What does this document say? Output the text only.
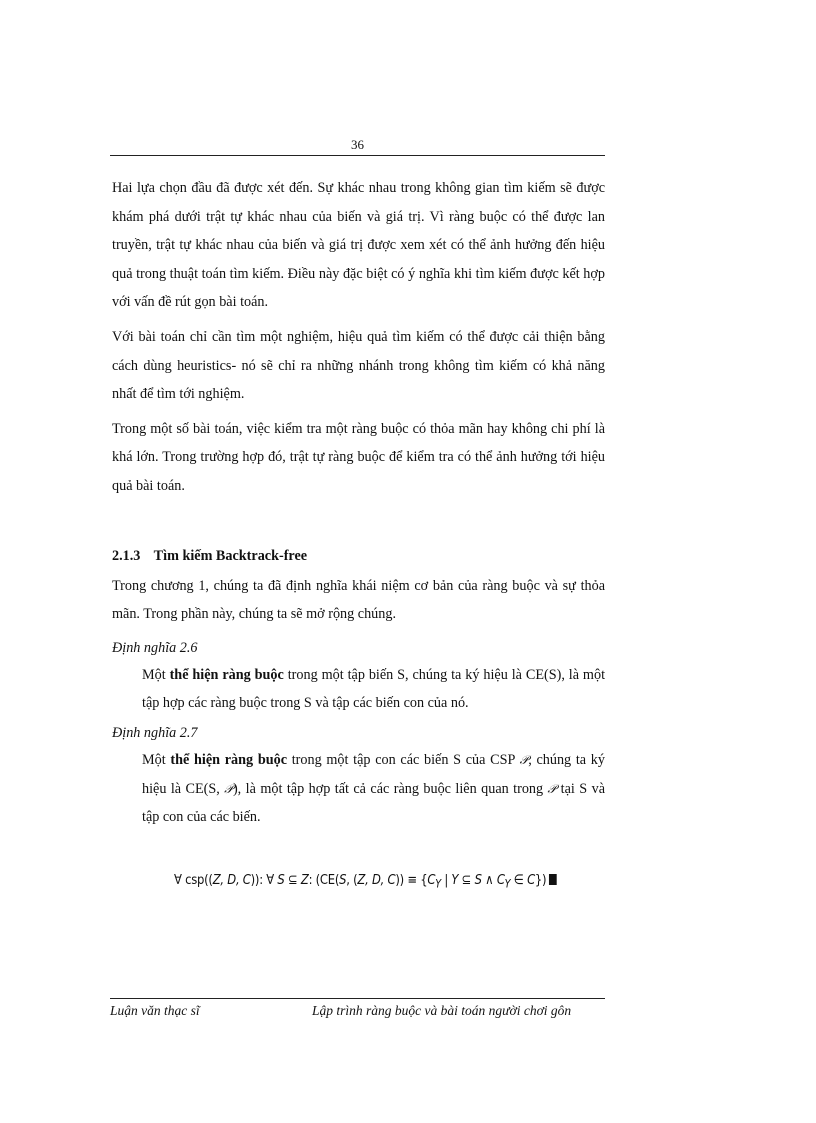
36

Hai lựa chọn đầu đã được xét đến. Sự khác nhau trong không gian tìm kiếm sẽ được khám phá dưới trật tự khác nhau của biến và giá trị. Vì ràng buộc có thể được lan truyền, trật tự khác nhau của biến và giá trị được xem xét có thể ảnh hưởng đến hiệu quả trong thuật toán tìm kiếm. Điều này đặc biệt có ý nghĩa khi tìm kiếm được kết hợp với vấn đề rút gọn bài toán.

Với bài toán chỉ cần tìm một nghiệm, hiệu quả tìm kiếm có thể được cải thiện bằng cách dùng heuristics- nó sẽ chỉ ra những nhánh trong không tìm kiếm có khả năng nhất để tìm tới nghiệm.

Trong một số bài toán, việc kiểm tra một ràng buộc có thỏa mãn hay không chi phí là khá lớn. Trong trường hợp đó, trật tự ràng buộc để kiểm tra có thể ảnh hưởng tới hiệu quả bài toán.

2.1.3 Tìm kiếm Backtrack-free

Trong chương 1, chúng ta đã định nghĩa khái niệm cơ bản của ràng buộc và sự thỏa mãn. Trong phần này, chúng ta sẽ mở rộng chúng.

Định nghĩa 2.6

Một thể hiện ràng buộc trong một tập biến S, chúng ta ký hiệu là CE(S), là một tập hợp các ràng buộc trong S và tập các biến con của nó.

Định nghĩa 2.7

Một thể hiện ràng buộc trong một tập con các biến S của CSP 𝒫, chúng ta ký hiệu là CE(S, 𝒫), là một tập hợp tất cả các ràng buộc liên quan trong 𝒫 tại S và tập con của các biến.

∀ csp((Z, D, C)): ∀ S ⊆ Z: (CE(S, (Z, D, $C)) \equiv \{C_Y$ | Y ⊆ S ∧ $C_Y$ ∈ C})
Luận văn thạc sĩ	Lập trình ràng buộc và bài toán người chơi gôn
